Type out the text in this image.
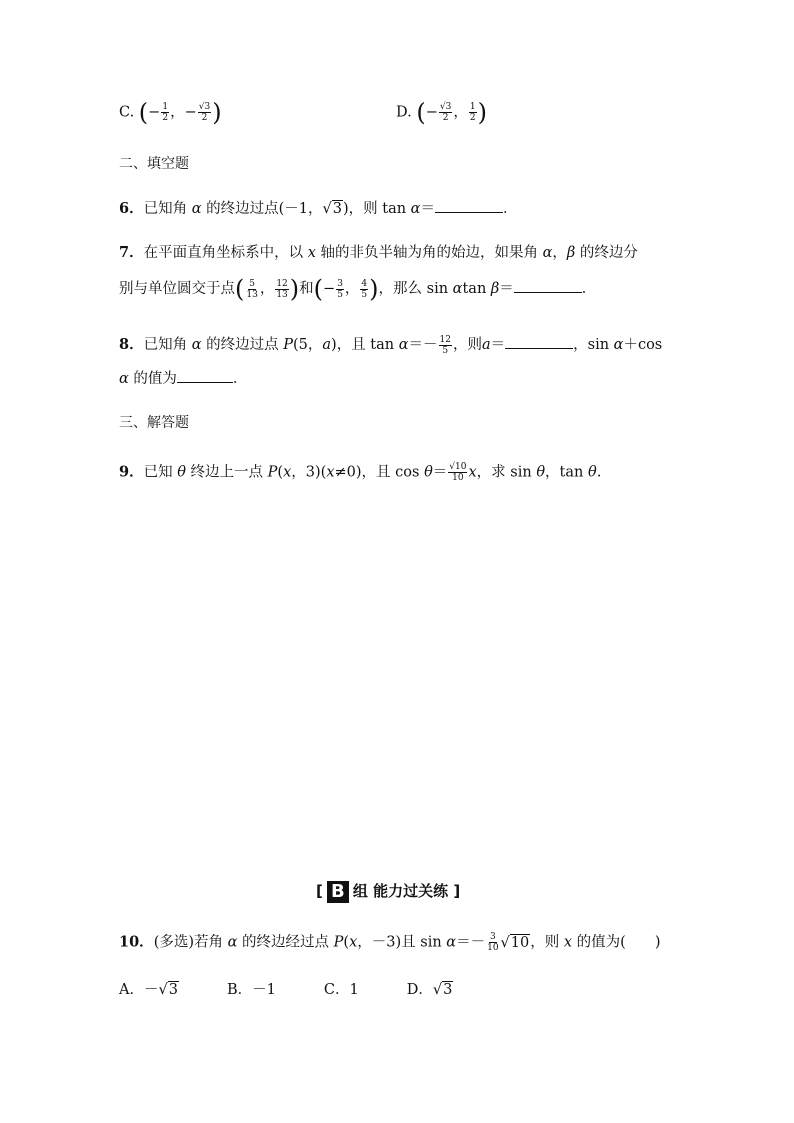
C. (− $\frac{1}{2}$ ，− $\frac{√3}{2}$ )	D. (− $\frac{√3}{2}$ ， $\frac{1}{2}$ )
二、填空题
6．已知角 α 的终边过点(－1，√3)，则 tan α＝	．
7．在平面直角坐标系中，以 x 轴的非负半轴为角的始边，如果角 α，β 的终边分
别与单位圆交于点( $\frac{5}{13}$ ， $\frac{12}{13}$ )和(− $\frac{3}{5}$ ， $\frac{4}{5}$ )，那么 sin αtan β＝	．
8．已知角 α 的终边过点 P(5，a)，且 $\tan \alpha=- \frac{12}{5}$ ，则a＝	，sin α＋cos
α 的值为	．
三、解答题
9．已知 θ 终边上一点 P(x，3)(x≠0)，且 $\cos \theta= \frac{√10}{10}$ x，求 sin θ，tan θ.
[ B 组 能力过关练 ]
10．(多选)若角 α 的终边经过点 P(x，－3)且 $\sin \alpha=- \frac{3}{10} √10$，则 x 的值为(　　)
A．－√3	B．－1	C．1	D．√3
